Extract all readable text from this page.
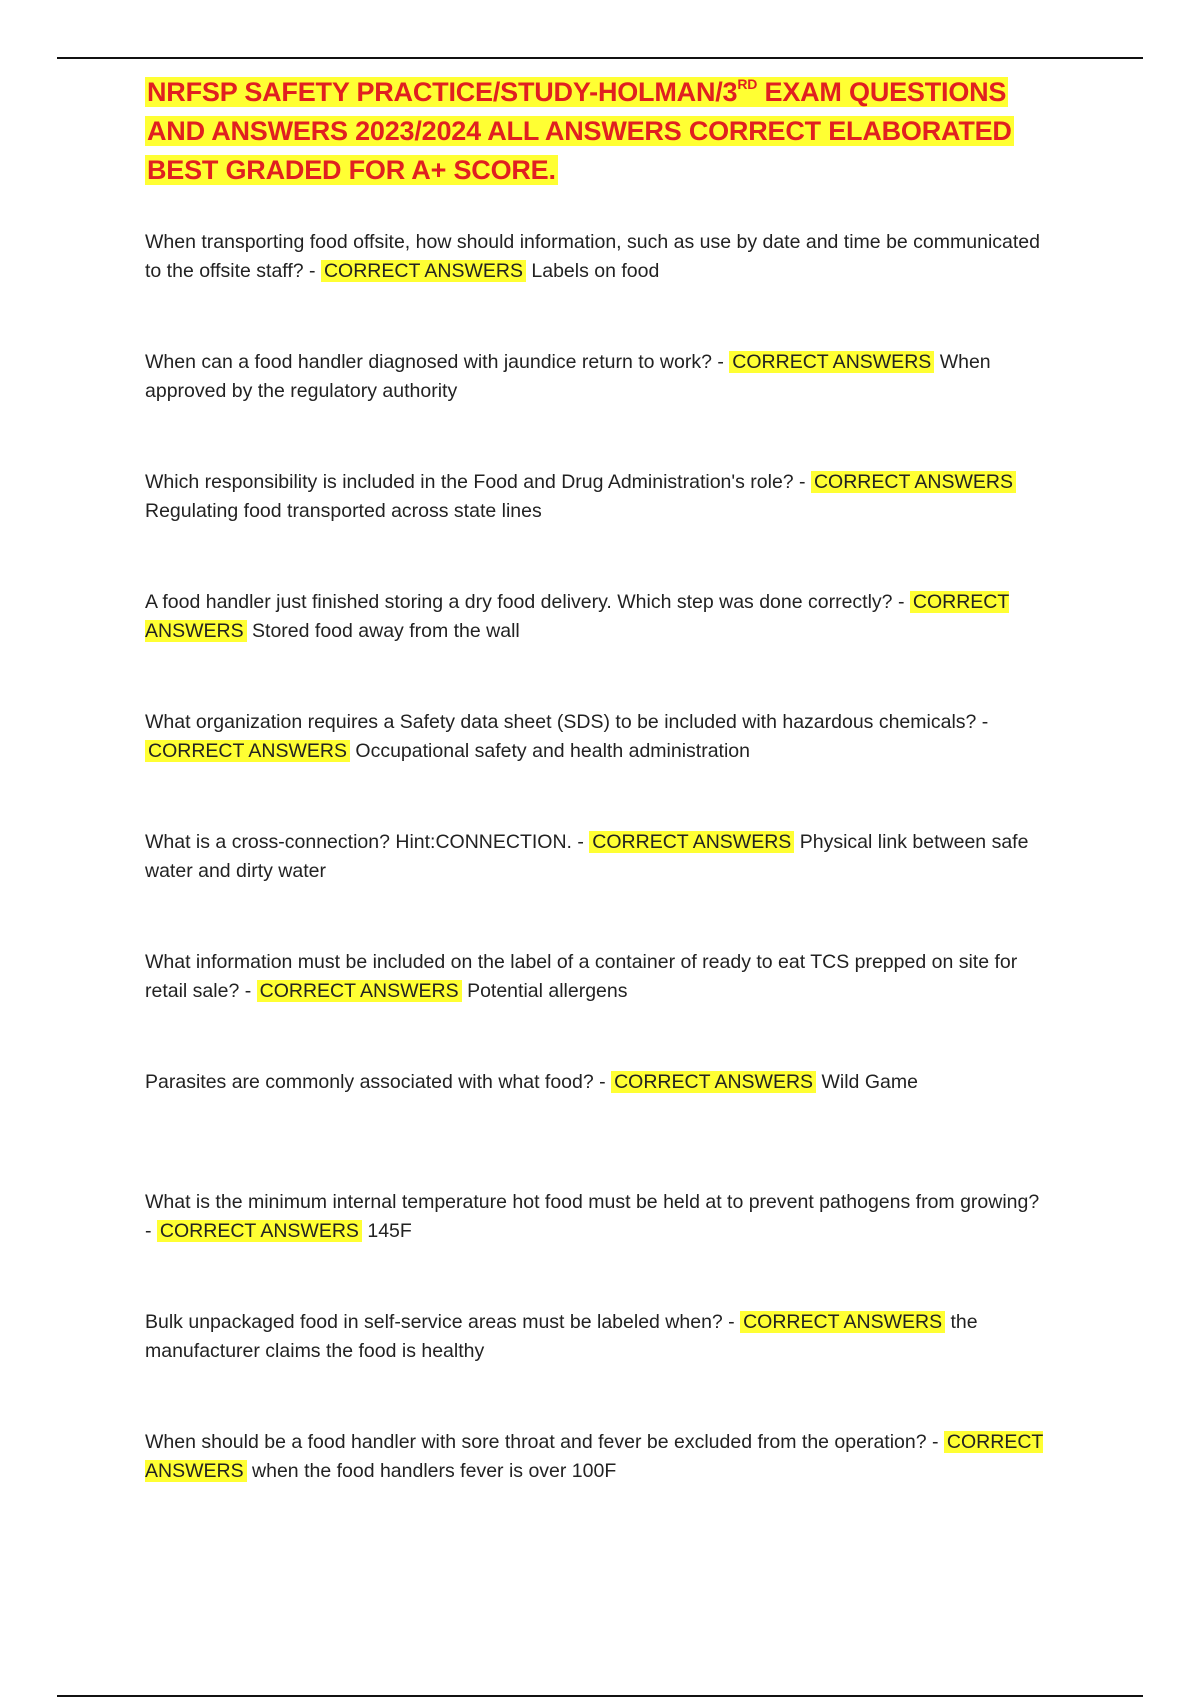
NRFSP SAFETY PRACTICE/STUDY-HOLMAN/3RD EXAM QUESTIONS AND ANSWERS 2023/2024 ALL ANSWERS CORRECT ELABORATED BEST GRADED FOR A+ SCORE.

When transporting food offsite, how should information, such as use by date and time be communicated to the offsite staff? - CORRECT ANSWERS Labels on food

When can a food handler diagnosed with jaundice return to work? - CORRECT ANSWERS When approved by the regulatory authority

Which responsibility is included in the Food and Drug Administration's role? - CORRECT ANSWERS Regulating food transported across state lines

A food handler just finished storing a dry food delivery. Which step was done correctly? - CORRECT ANSWERS Stored food away from the wall

What organization requires a Safety data sheet (SDS) to be included with hazardous chemicals? - CORRECT ANSWERS Occupational safety and health administration

What is a cross-connection? Hint:CONNECTION. - CORRECT ANSWERS Physical link between safe water and dirty water

What information must be included on the label of a container of ready to eat TCS prepped on site for retail sale? - CORRECT ANSWERS Potential allergens

Parasites are commonly associated with what food? - CORRECT ANSWERS Wild Game

What is the minimum internal temperature hot food must be held at to prevent pathogens from growing? - CORRECT ANSWERS 145F

Bulk unpackaged food in self-service areas must be labeled when? - CORRECT ANSWERS the manufacturer claims the food is healthy

When should be a food handler with sore throat and fever be excluded from the operation? - CORRECT ANSWERS when the food handlers fever is over 100F
